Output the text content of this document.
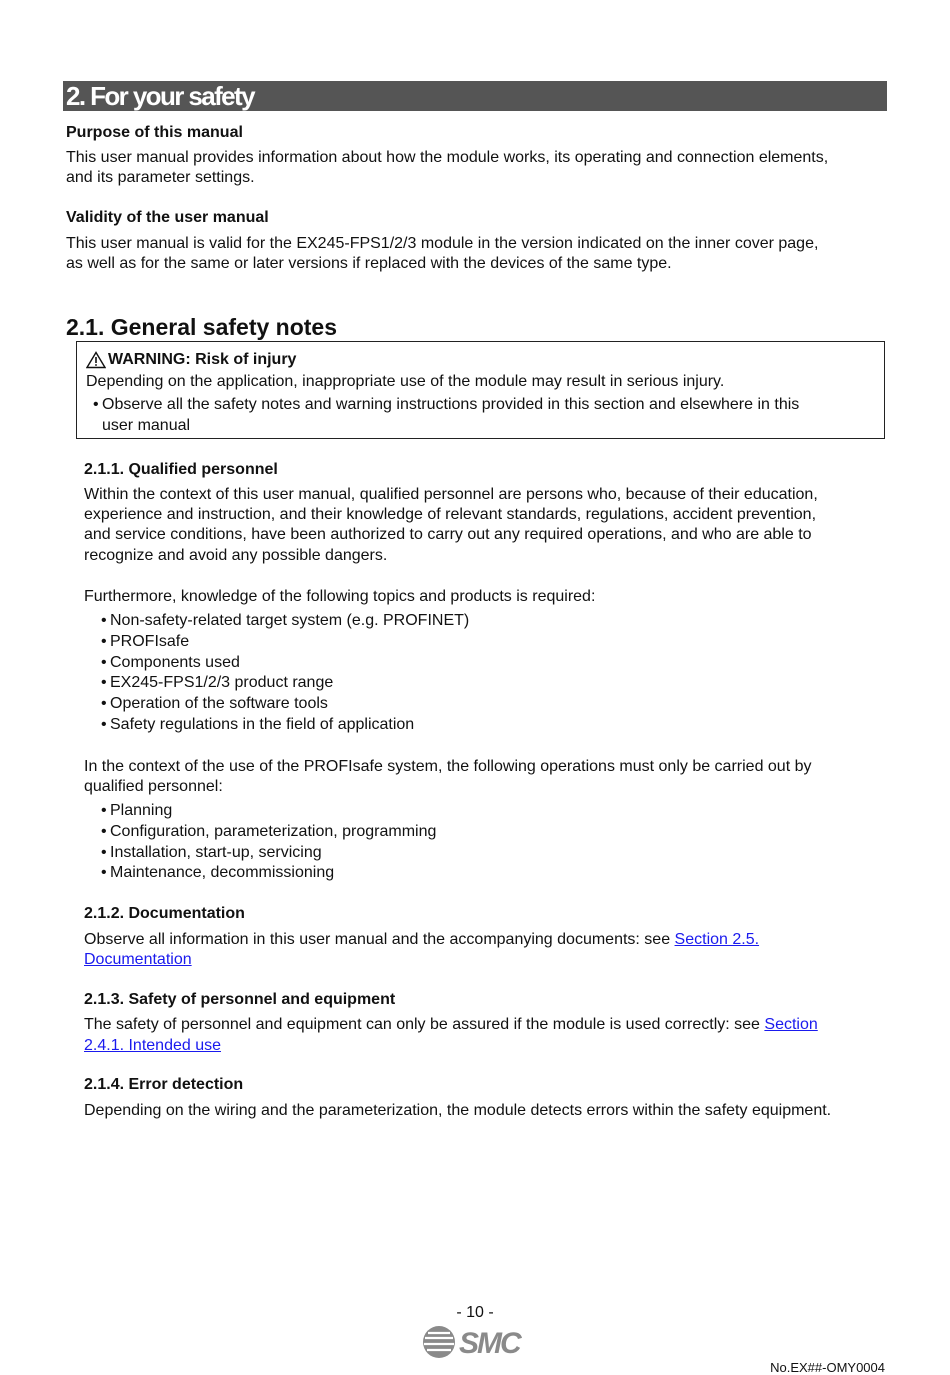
2. For your safety
Purpose of this manual
This user manual provides information about how the module works, its operating and connection elements,
and its parameter settings.
Validity of the user manual
This user manual is valid for the EX245-FPS1/2/3 module in the version indicated on the inner cover page,
as well as for the same or later versions if replaced with the devices of the same type.
2.1. General safety notes
WARNING: Risk of injury
Depending on the application, inappropriate use of the module may result in serious injury.
• Observe all the safety notes and warning instructions provided in this section and elsewhere in this
user manual
2.1.1. Qualified personnel
Within the context of this user manual, qualified personnel are persons who, because of their education,
experience and instruction, and their knowledge of relevant standards, regulations, accident prevention,
and service conditions, have been authorized to carry out any required operations, and who are able to
recognize and avoid any possible dangers.
Furthermore, knowledge of the following topics and products is required:
• Non-safety-related target system (e.g. PROFINET)
• PROFIsafe
• Components used
• EX245-FPS1/2/3 product range
• Operation of the software tools
• Safety regulations in the field of application
In the context of the use of the PROFIsafe system, the following operations must only be carried out by
qualified personnel:
• Planning
• Configuration, parameterization, programming
• Installation, start-up, servicing
• Maintenance, decommissioning
2.1.2. Documentation
Observe all information in this user manual and the accompanying documents: see Section 2.5.
Documentation
2.1.3. Safety of personnel and equipment
The safety of personnel and equipment can only be assured if the module is used correctly: see Section
2.4.1. Intended use
2.1.4. Error detection
Depending on the wiring and the parameterization, the module detects errors within the safety equipment.
- 10 -
SMC
No.EX##-OMY0004
